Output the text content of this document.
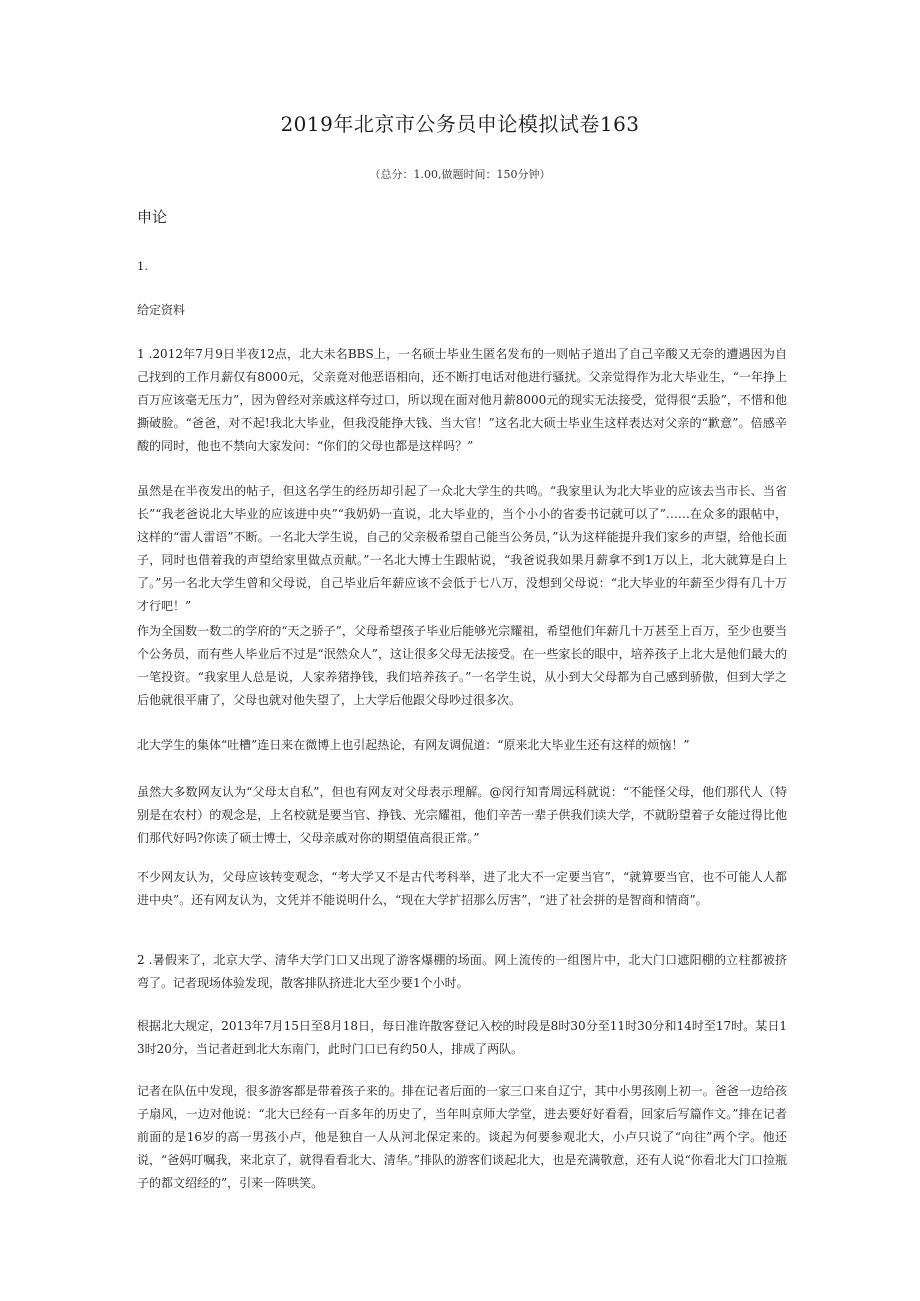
2019年北京市公务员申论模拟试卷163
（总分：1.00,做题时间：150分钟）
申论
1.
给定资料

1 .2012年7月9日半夜12点，北大未名BBS上，一名硕士毕业生匿名发布的一则帖子道出了自己辛酸又无奈的遭遇因为自己找到的工作月薪仅有8000元，父亲竟对他恶语相向，还不断打电话对他进行骚扰。父亲觉得作为北大毕业生，“一年挣上百万应该毫无压力”，因为曾经对亲戚这样夸过口，所以现在面对他月薪8000元的现实无法接受，觉得很“丢脸”，不惜和他撕破脸。“爸爸，对不起!我北大毕业，但我没能挣大钱、当大官！”这名北大硕士毕业生这样表达对父亲的“歉意”。倍感辛酸的同时，他也不禁向大家发问：“你们的父母也都是这样吗？”

虽然是在半夜发出的帖子，但这名学生的经历却引起了一众北大学生的共鸣。“我家里认为北大毕业的应该去当市长、当省长”“我老爸说北大毕业的应该进中央”“我奶奶一直说，北大毕业的，当个小小的省委书记就可以了”……在众多的跟帖中，这样的“雷人雷语”不断。一名北大学生说，自己的父亲极希望自己能当公务员，”认为这样能提升我们家乡的声望，给他长面子，同时也借着我的声望给家里做点贡献。”一名北大博士生跟帖说，“我爸说我如果月薪拿不到1万以上，北大就算是白上了。”另一名北大学生曾和父母说，自己毕业后年薪应该不会低于七八万，没想到父母说：“北大毕业的年薪至少得有几十万才行吧！”

作为全国数一数二的学府的“天之骄子”，父母希望孩子毕业后能够光宗耀祖，希望他们年薪几十万甚至上百万，至少也要当个公务员，而有些人毕业后不过是“泯然众人”，这让很多父母无法接受。在一些家长的眼中，培养孩子上北大是他们最大的一笔投资。“我家里人总是说，人家养猪挣钱，我们培养孩子。”一名学生说，从小到大父母都为自己感到骄傲，但到大学之后他就很平庸了，父母也就对他失望了，上大学后他跟父母吵过很多次。

北大学生的集体“吐槽”连日来在微博上也引起热论，有网友调侃道：“原来北大毕业生还有这样的烦恼！”

虽然大多数网友认为“父母太自私”，但也有网友对父母表示理解。@闵行知青周远科就说：“不能怪父母，他们那代人（特别是在农村）的观念是，上名校就是要当官、挣钱、光宗耀祖，他们辛苦一辈子供我们读大学，不就盼望着子女能过得比他们那代好吗?你读了硕士博士，父母亲戚对你的期望值高很正常。”

不少网友认为，父母应该转变观念，“考大学又不是古代考科举，进了北大不一定要当官”，“就算要当官，也不可能人人都进中央”。还有网友认为，文凭并不能说明什么，“现在大学扩招那么厉害”，“进了社会拼的是智商和情商”。

2 .暑假来了，北京大学、清华大学门口又出现了游客爆棚的场面。网上流传的一组图片中，北大门口遮阳棚的立柱都被挤弯了。记者现场体验发现，散客排队挤进北大至少要1个小时。

根据北大规定，2013年7月15日至8月18日，每日准许散客登记入校的时段是8时30分至11时30分和14时至17时。某日13时20分，当记者赶到北大东南门，此时门口已有约50人，排成了两队。

记者在队伍中发现，很多游客都是带着孩子来的。排在记者后面的一家三口来自辽宁，其中小男孩刚上初一。爸爸一边给孩子扇风，一边对他说：“北大已经有一百多年的历史了，当年叫京师大学堂，进去要好好看看，回家后写篇作文。”排在记者前面的是16岁的高一男孩小卢，他是独自一人从河北保定来的。谈起为何要参观北大，小卢只说了“向往”两个字。他还说，“爸妈叮嘱我，来北京了，就得看看北大、清华。”排队的游客们谈起北大，也是充满敬意，还有人说“你看北大门口捡瓶子的都文绍经的”，引来一阵哄笑。
